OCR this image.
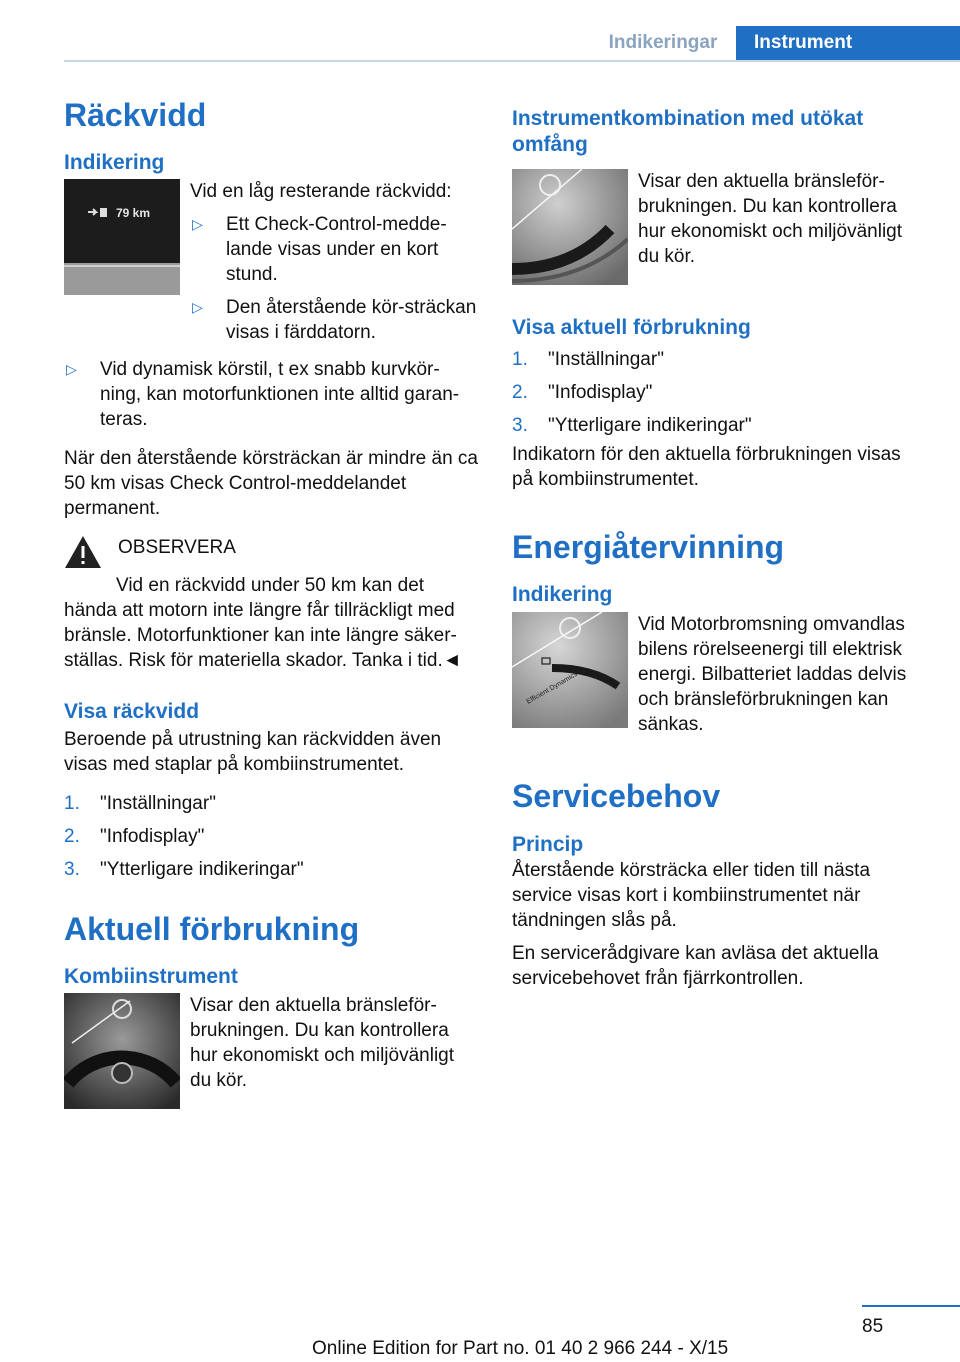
Indikeringar	Instrument
Räckvidd
Indikering
79 km

Vid en låg resterande räckvidd:

▷ Ett Check-Control-medde-lande visas under en kort stund.
▷ Den återstående kör-sträckan visas i färddatorn.
▷ Vid dynamisk körstil, t ex snabb kurvkör-ning, kan motorfunktionen inte alltid garan-teras.

När den återstående körsträckan är mindre än ca 50 km visas Check Control-meddelandet permanent.

OBSERVERA

Vid en räckvidd under 50 km kan det hända att motorn inte längre får tillräckligt med bränsle. Motorfunktioner kan inte längre säker-ställas. Risk för materiella skador. Tanka i tid.◄

Visa räckvidd

Beroende på utrustning kan räckvidden även visas med staplar på kombiinstrumentet.

1. "Inställningar"
2. "Infodisplay"
3. "Ytterligare indikeringar"
Aktuell förbrukning
Kombiinstrument

Visar den aktuella bränsleför-brukningen. Du kan kontrollera hur ekonomiskt och miljövänligt du kör.

Instrumentkombination med utökat omfång

Visar den aktuella bränsleför-brukningen. Du kan kontrollera hur ekonomiskt och miljövänligt du kör.

Visa aktuell förbrukning
1. "Inställningar"
2. "Infodisplay"
3. "Ytterligare indikeringar"

Indikatorn för den aktuella förbrukningen visas på kombiinstrumentet.

Energiåtervinning
Indikering
Efficient Dynamics

Vid Motorbromsning omvandlas bilens rörelseenergi till elektrisk energi. Bilbatteriet laddas delvis och bränsleförbrukningen kan sänkas.

Servicebehov
Princip

Återstående körsträcka eller tiden till nästa service visas kort i kombiinstrumentet när tändningen slås på.

En servicerådgivare kan avläsa det aktuella servicebehovet från fjärrkontrollen.

85
Online Edition for Part no. 01 40 2 966 244 - X/15
